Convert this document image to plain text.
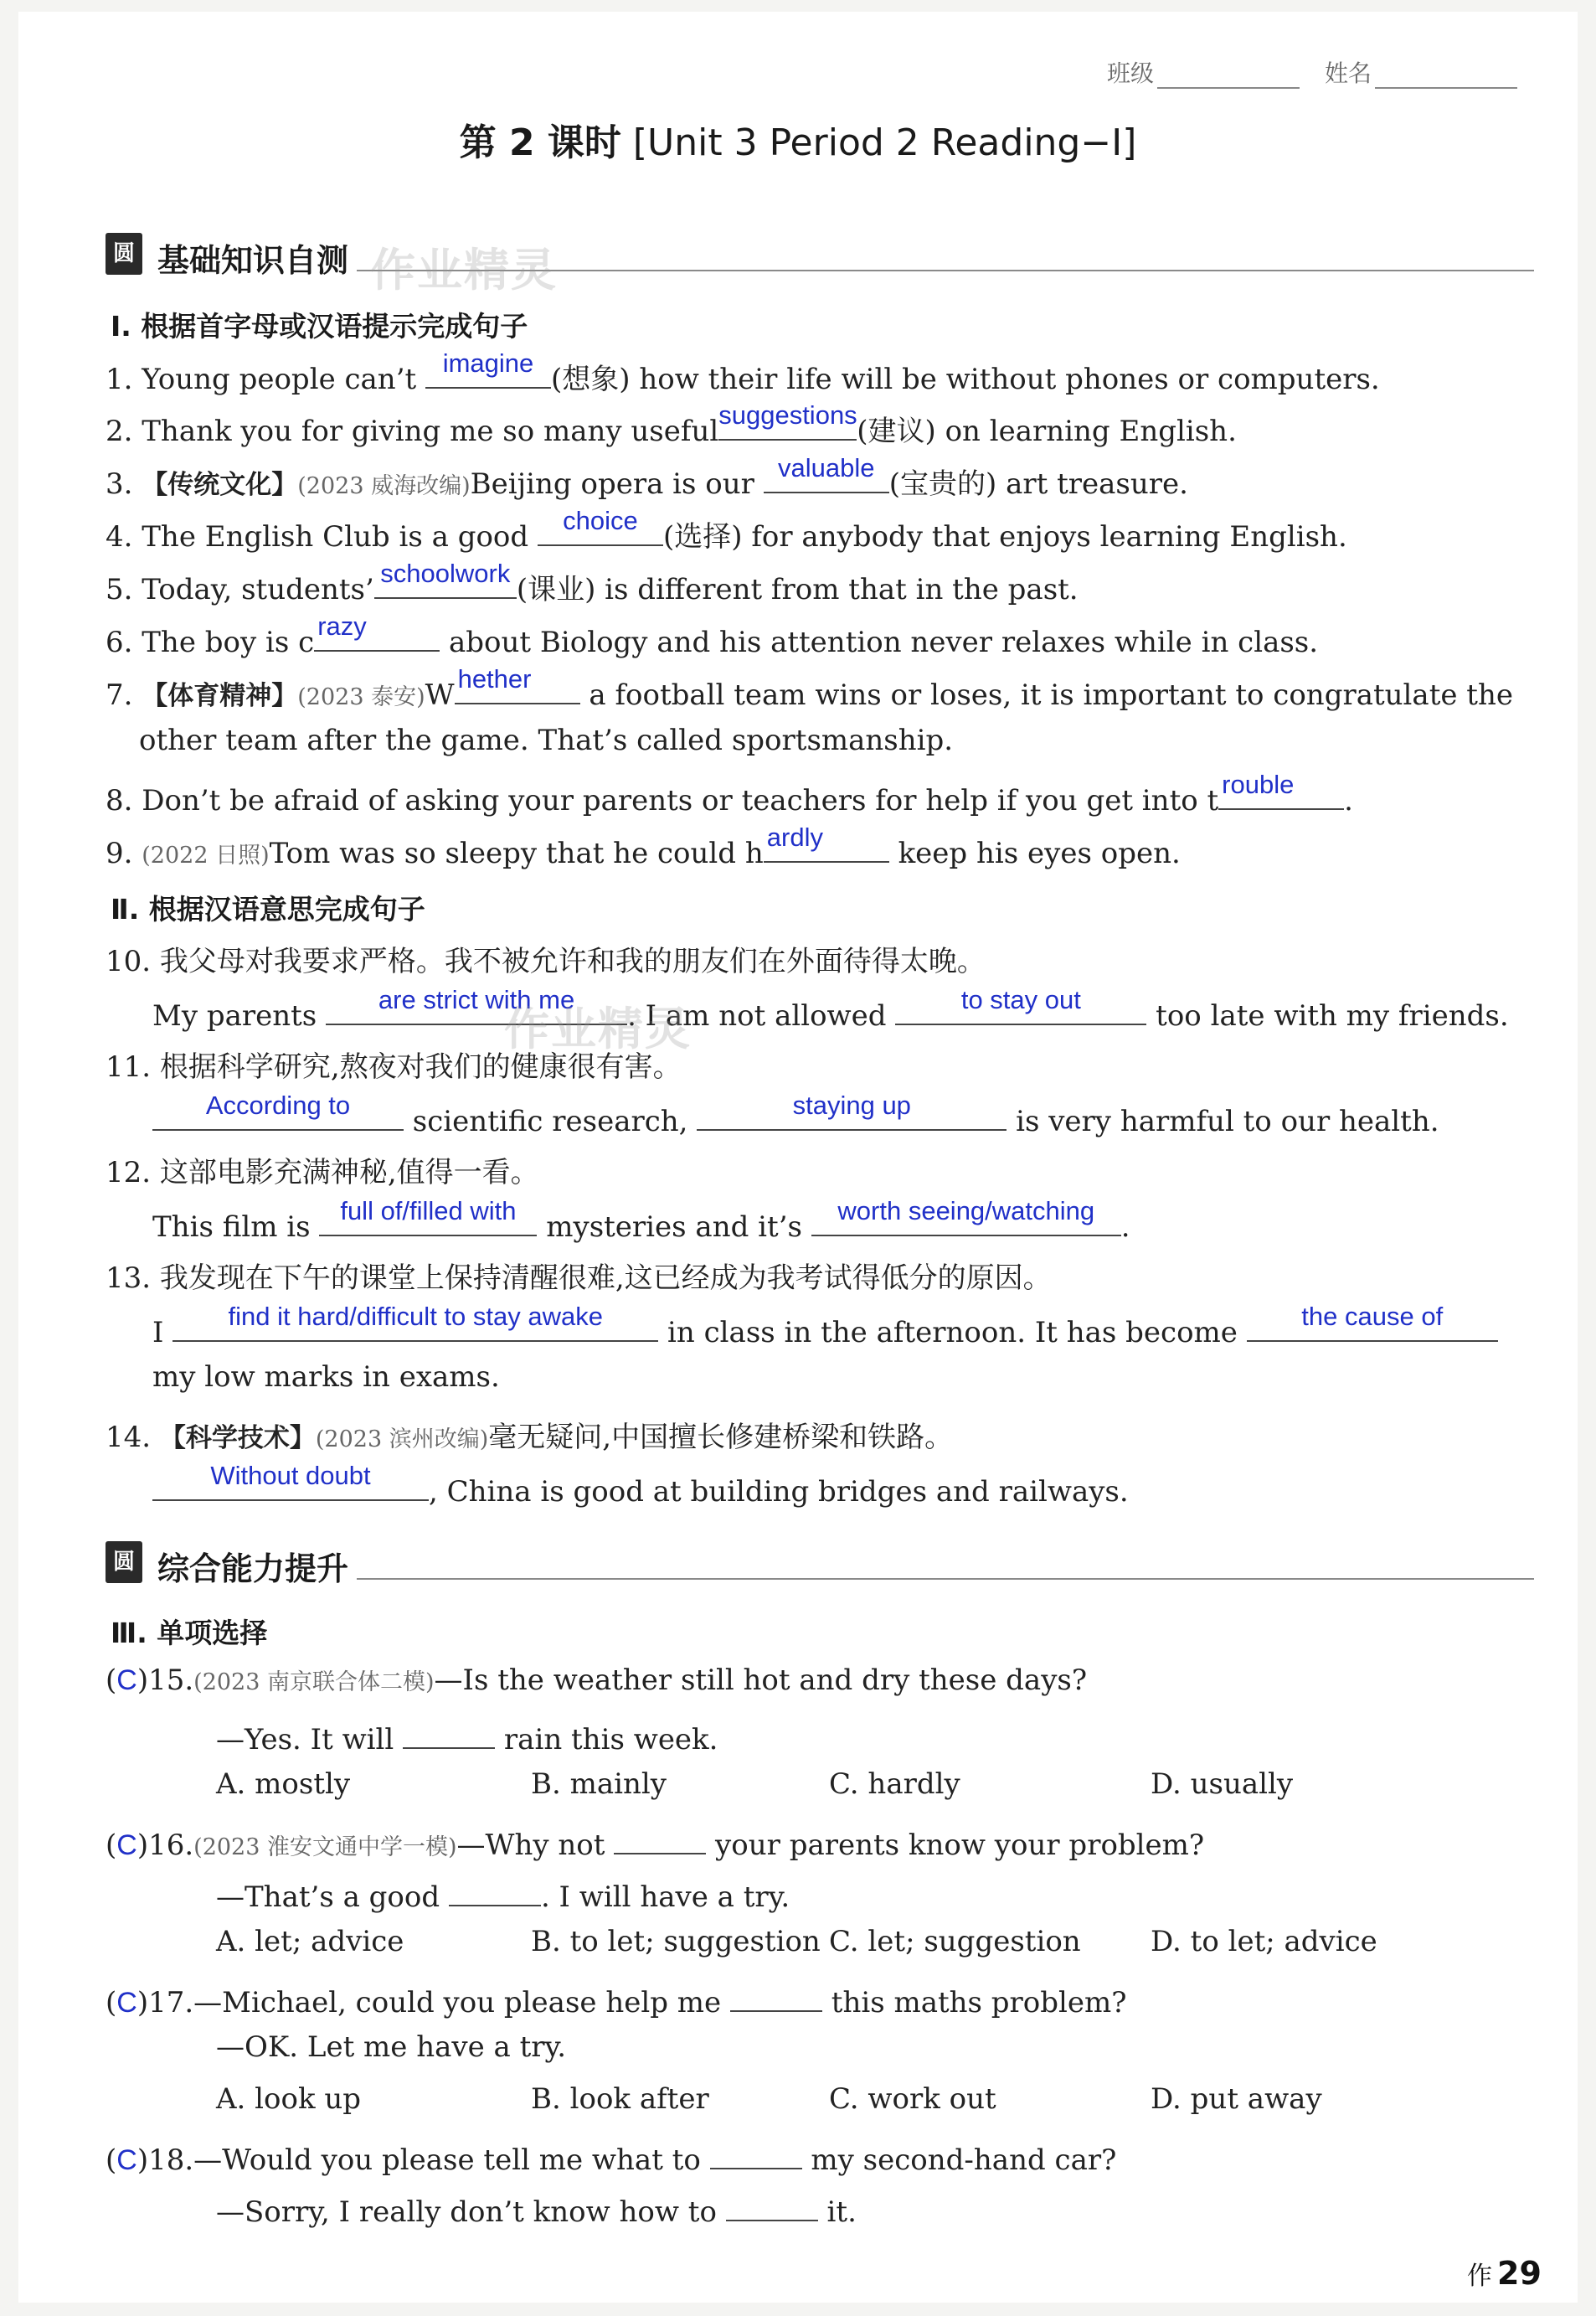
班级	姓名
第 2 课时 [Unit 3 Period 2 Reading−Ⅰ]
圆 基础知识自测 作业精灵
Ⅰ. 根据首字母或汉语提示完成句子
1. Young people can’t imagine (想象) how their life will be without phones or computers.
2. Thank you for giving me so many useful suggestions (建议) on learning English.
3. 【传统文化】(2023 威海改编)Beijing opera is our valuable (宝贵的) art treasure.
4. The English Club is a good choice (选择) for anybody that enjoys learning English.
5. Today, students’ schoolwork (课业) is different from that in the past.
6. The boy is c razy	about Biology and his attention never relaxes while in class.
7. 【体育精神】(2023 泰安)W hether	a football team wins or loses, it is important to congratulate the
other team after the game. That’s called sportsmanship.
8. Don’t be afraid of asking your parents or teachers for help if you get into t rouble	.
9. (2022 日照)Tom was so sleepy that he could h ardly	keep his eyes open.
Ⅱ. 根据汉语意思完成句子
10. 我父母对我要求严格。我不被允许和我的朋友们在外面待得太晚。
My parents	are strict with me	. I am not allowed	to stay out	too late with my friends.
作业精灵
11. 根据科学研究,熬夜对我们的健康很有害。
According to	scientific research,	staying up	is very harmful to our health.
12. 这部电影充满神秘,值得一看。
This film is full of/filled with mysteries and it’s	worth seeing/watching .
13. 我发现在下午的课堂上保持清醒很难,这已经成为我考试得低分的原因。
I	find it hard/difficult to stay awake	in class in the afternoon. It has become	the cause of
my low marks in exams.
14. 【科学技术】(2023 滨州改编)毫无疑问,中国擅长修建桥梁和铁路。
Without doubt	, China is good at building bridges and railways.
圆 综合能力提升
Ⅲ. 单项选择
(C)15.(2023 南京联合体二模)—Is the weather still hot and dry these days?
—Yes. It will	rain this week.
A. mostly	B. mainly	C. hardly	D. usually
(C)16.(2023 淮安文通中学一模)—Why not	your parents know your problem?
—That’s a good	. I will have a try.
A. let; advice	B. to let; suggestion C. let; suggestion D. to let; advice
(C)17.—Michael, could you please help me	this maths problem?
—OK. Let me have a try.
A. look up	B. look after	C. work out	D. put away
(C)18.—Would you please tell me what to	my second-hand car?
—Sorry, I really don’t know how to	it.
作 29
